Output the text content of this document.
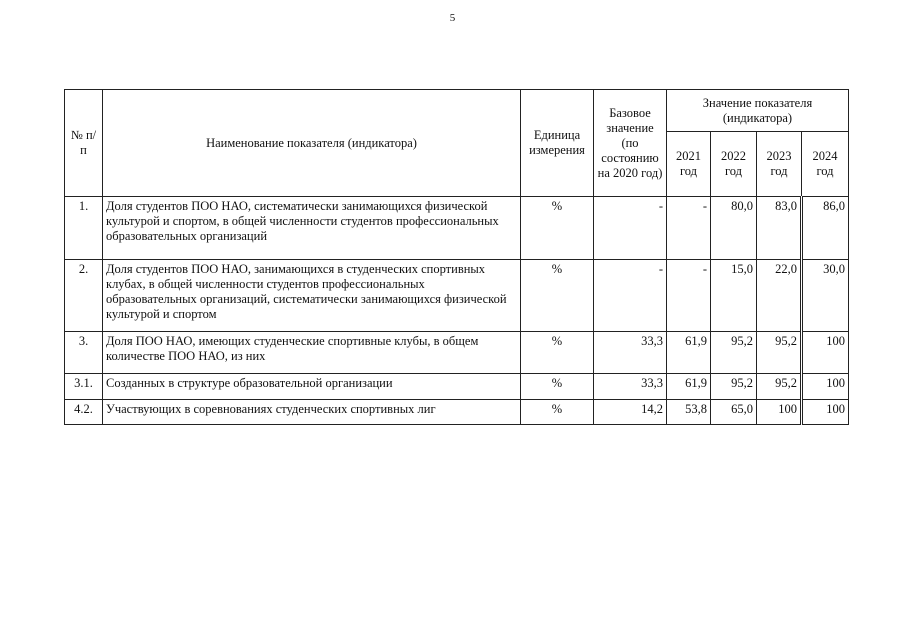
5
№ п/п	Наименование показателя (индикатора)	Единица измерения	Базовое значение (по состоянию на 2020 год)	Значение показателя (индикатора)			
				2021 год	2022 год	2023 год	2024 год
1.	Доля студентов ПОО НАО, систематически занимающихся физической культурой и спортом, в общей численности студентов профессиональных образовательных организаций	%	-	-	80,0	83,0	86,0
2.	Доля студентов ПОО НАО, занимающихся в студенческих спортивных клубах, в общей численности студентов профессиональных образовательных организаций, систематически занимающихся физической культурой и спортом	%	-	-	15,0	22,0	30,0
3.	Доля ПОО НАО, имеющих студенческие спортивные клубы, в общем количестве ПОО НАО, из них	%	33,3	61,9	95,2	95,2	100
3.1.	Созданных в структуре образовательной организации	%	33,3	61,9	95,2	95,2	100
4.2.	Участвующих в соревнованиях студенческих спортивных лиг	%	14,2	53,8	65,0	100	100
